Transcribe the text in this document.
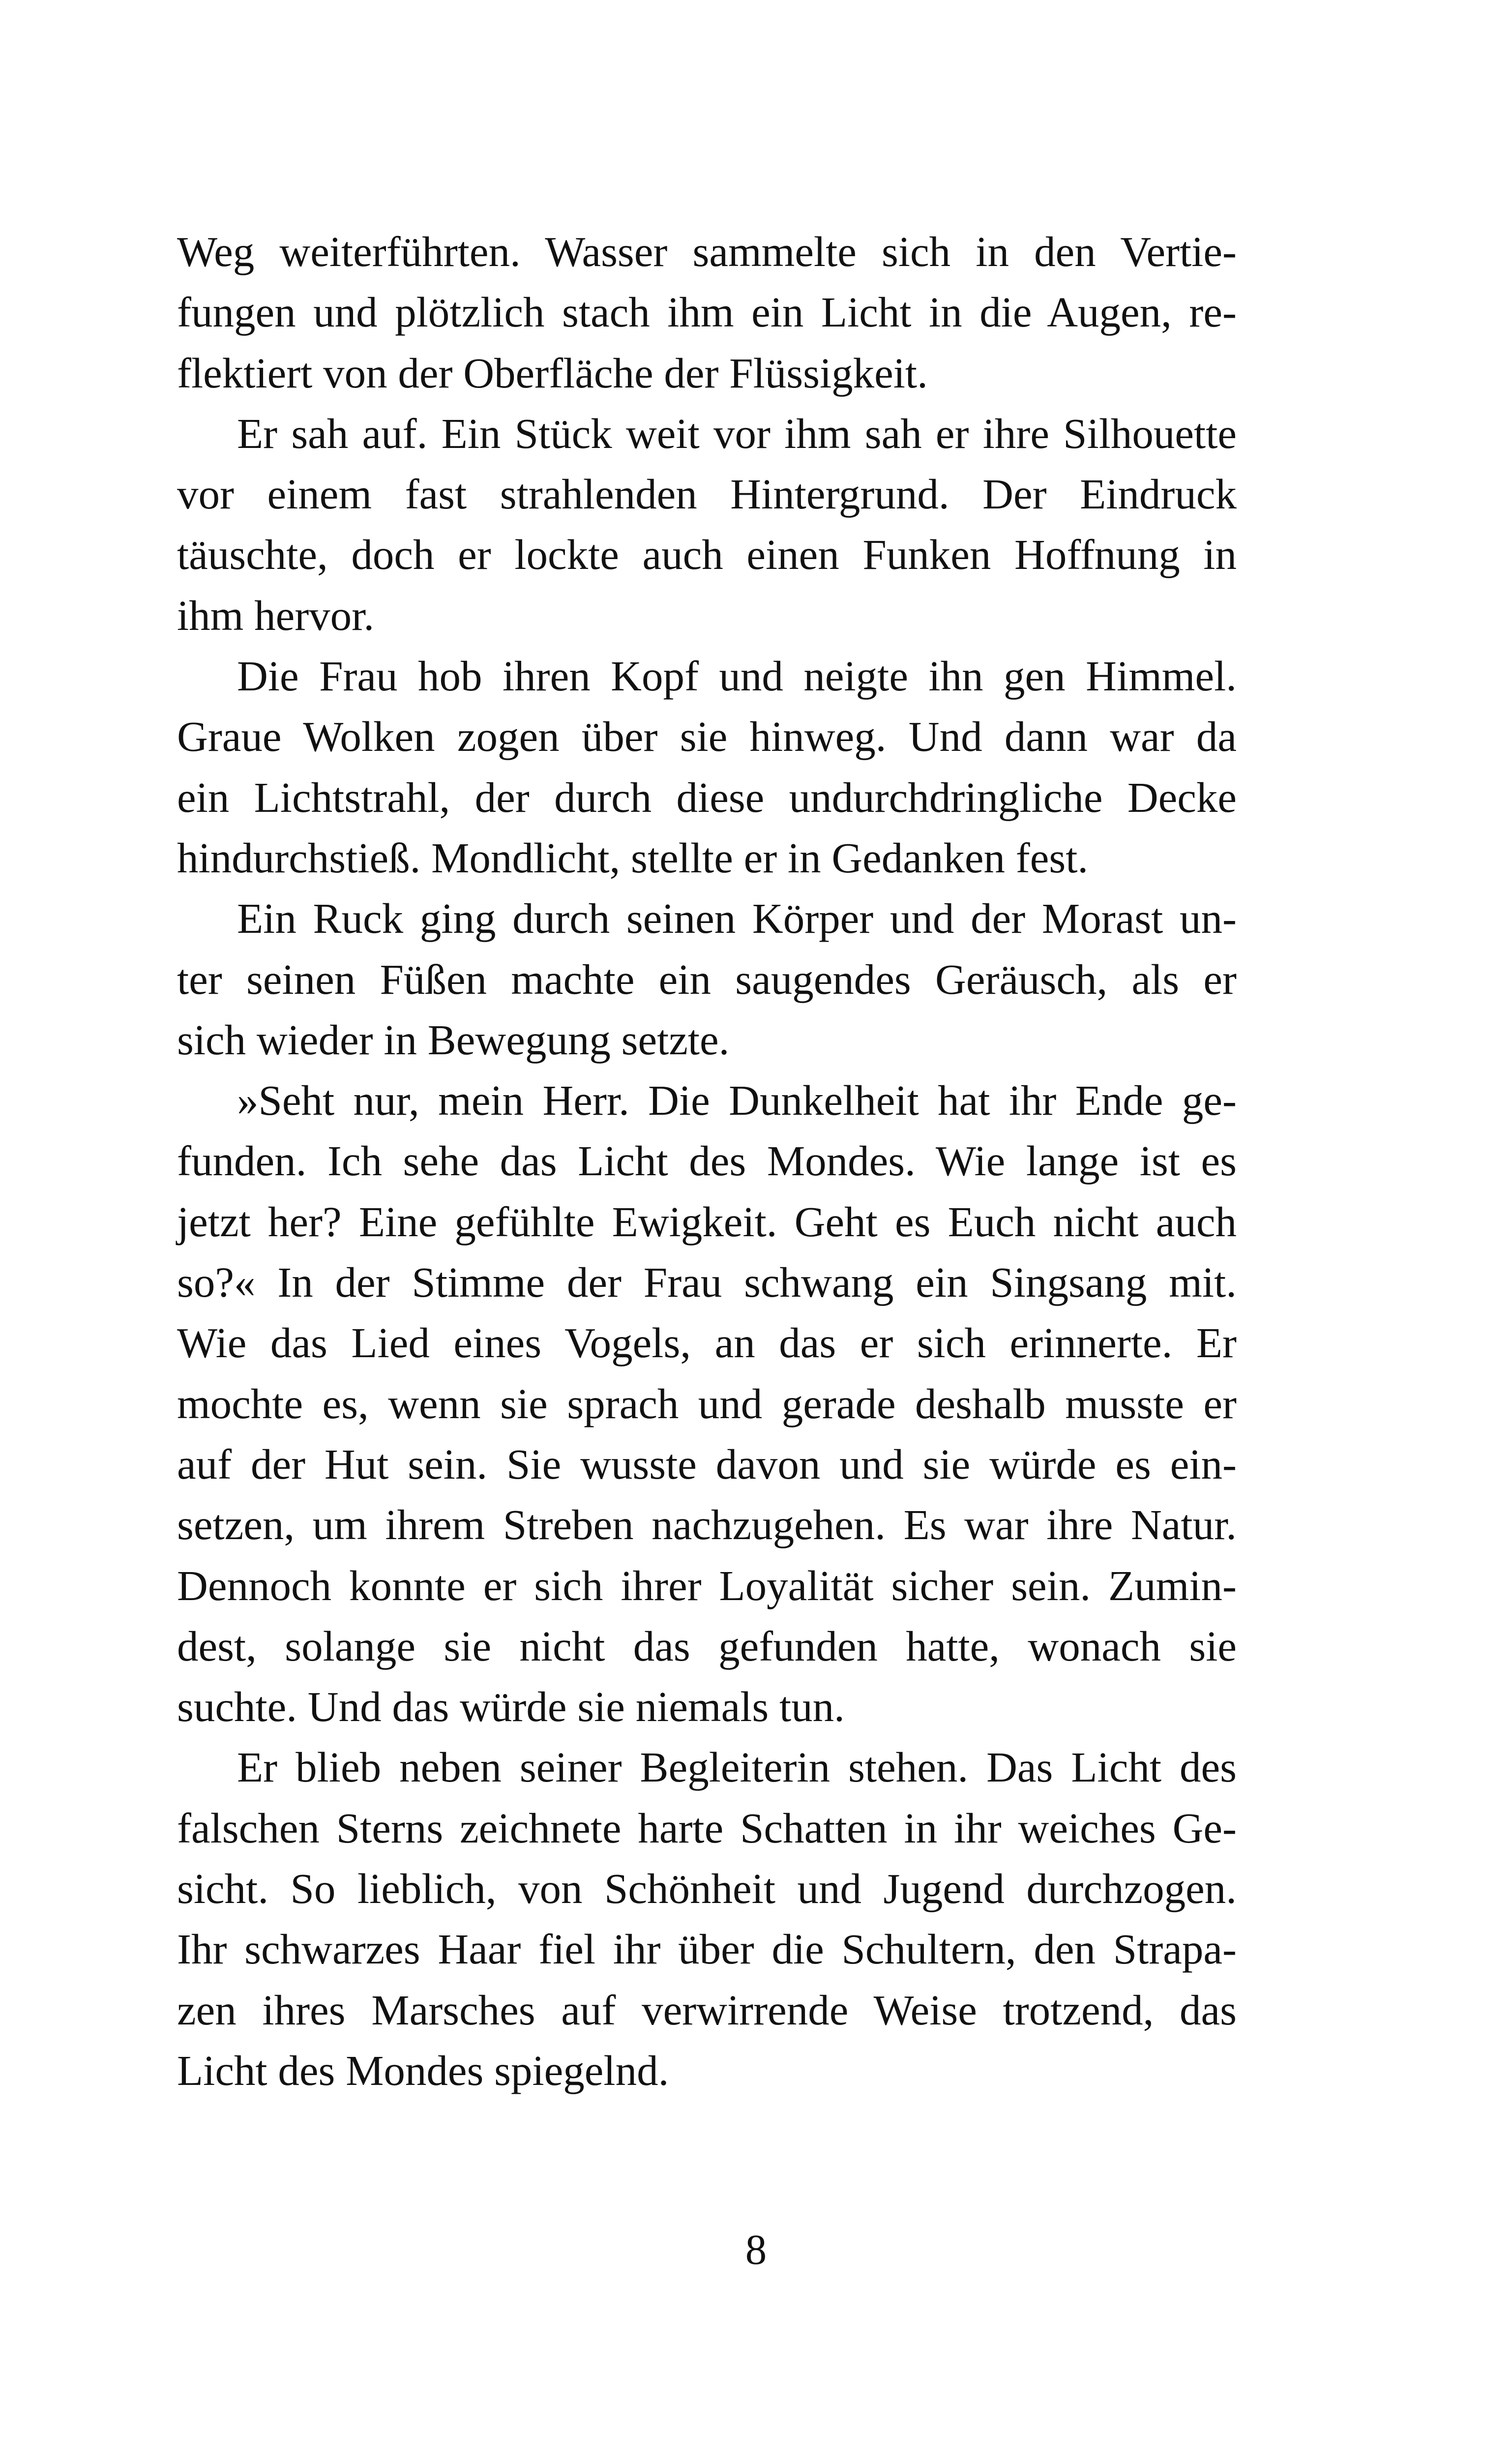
Weg weiterführten. Wasser sammelte sich in den Vertie-
fungen und plötzlich stach ihm ein Licht in die Augen, re-
flektiert von der Oberfläche der Flüssigkeit.
Er sah auf. Ein Stück weit vor ihm sah er ihre Silhouette
vor einem fast strahlenden Hintergrund. Der Eindruck
täuschte, doch er lockte auch einen Funken Hoffnung in
ihm hervor.
Die Frau hob ihren Kopf und neigte ihn gen Himmel.
Graue Wolken zogen über sie hinweg. Und dann war da
ein Lichtstrahl, der durch diese undurchdringliche Decke
hindurchstieß. Mondlicht, stellte er in Gedanken fest.
Ein Ruck ging durch seinen Körper und der Morast un-
ter seinen Füßen machte ein saugendes Geräusch, als er
sich wieder in Bewegung setzte.
»Seht nur, mein Herr. Die Dunkelheit hat ihr Ende ge-
funden. Ich sehe das Licht des Mondes. Wie lange ist es
jetzt her? Eine gefühlte Ewigkeit. Geht es Euch nicht auch
so?« In der Stimme der Frau schwang ein Singsang mit.
Wie das Lied eines Vogels, an das er sich erinnerte. Er
mochte es, wenn sie sprach und gerade deshalb musste er
auf der Hut sein. Sie wusste davon und sie würde es ein-
setzen, um ihrem Streben nachzugehen. Es war ihre Natur.
Dennoch konnte er sich ihrer Loyalität sicher sein. Zumin-
dest, solange sie nicht das gefunden hatte, wonach sie
suchte. Und das würde sie niemals tun.
Er blieb neben seiner Begleiterin stehen. Das Licht des
falschen Sterns zeichnete harte Schatten in ihr weiches Ge-
sicht. So lieblich, von Schönheit und Jugend durchzogen.
Ihr schwarzes Haar fiel ihr über die Schultern, den Strapa-
zen ihres Marsches auf verwirrende Weise trotzend, das
Licht des Mondes spiegelnd.
8
